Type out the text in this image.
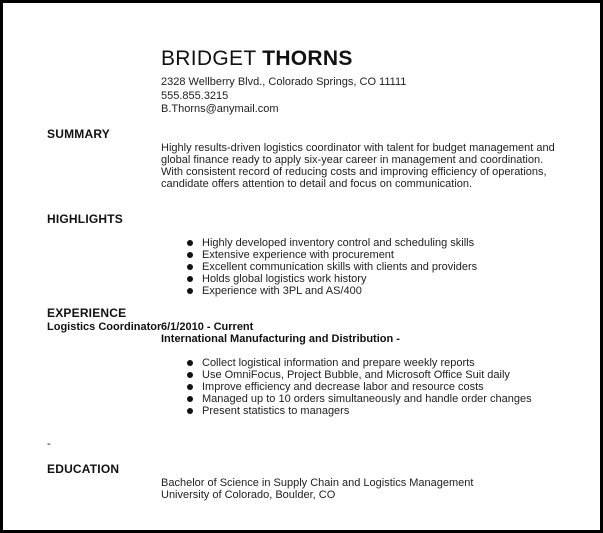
BRIDGET THORNS
2328 Wellberry Blvd., Colorado Springs, CO 11111
555.855.3215
B.Thorns@anymail.com
SUMMARY
Highly results-driven logistics coordinator with talent for budget management and global finance ready to apply six-year career in management and coordination. With consistent record of reducing costs and improving efficiency of operations, candidate offers attention to detail and focus on communication.
HIGHLIGHTS
Highly developed inventory control and scheduling skills
Extensive experience with procurement
Excellent communication skills with clients and providers
Holds global logistics work history
Experience with 3PL and AS/400
EXPERIENCE
Logistics Coordinator 6/1/2010 - Current
International Manufacturing and Distribution -
Collect logistical information and prepare weekly reports
Use OmniFocus, Project Bubble, and Microsoft Office Suit daily
Improve efficiency and decrease labor and resource costs
Managed up to 10 orders simultaneously and handle order changes
Present statistics to managers
-
EDUCATION
Bachelor of Science in Supply Chain and Logistics Management
University of Colorado, Boulder, CO
